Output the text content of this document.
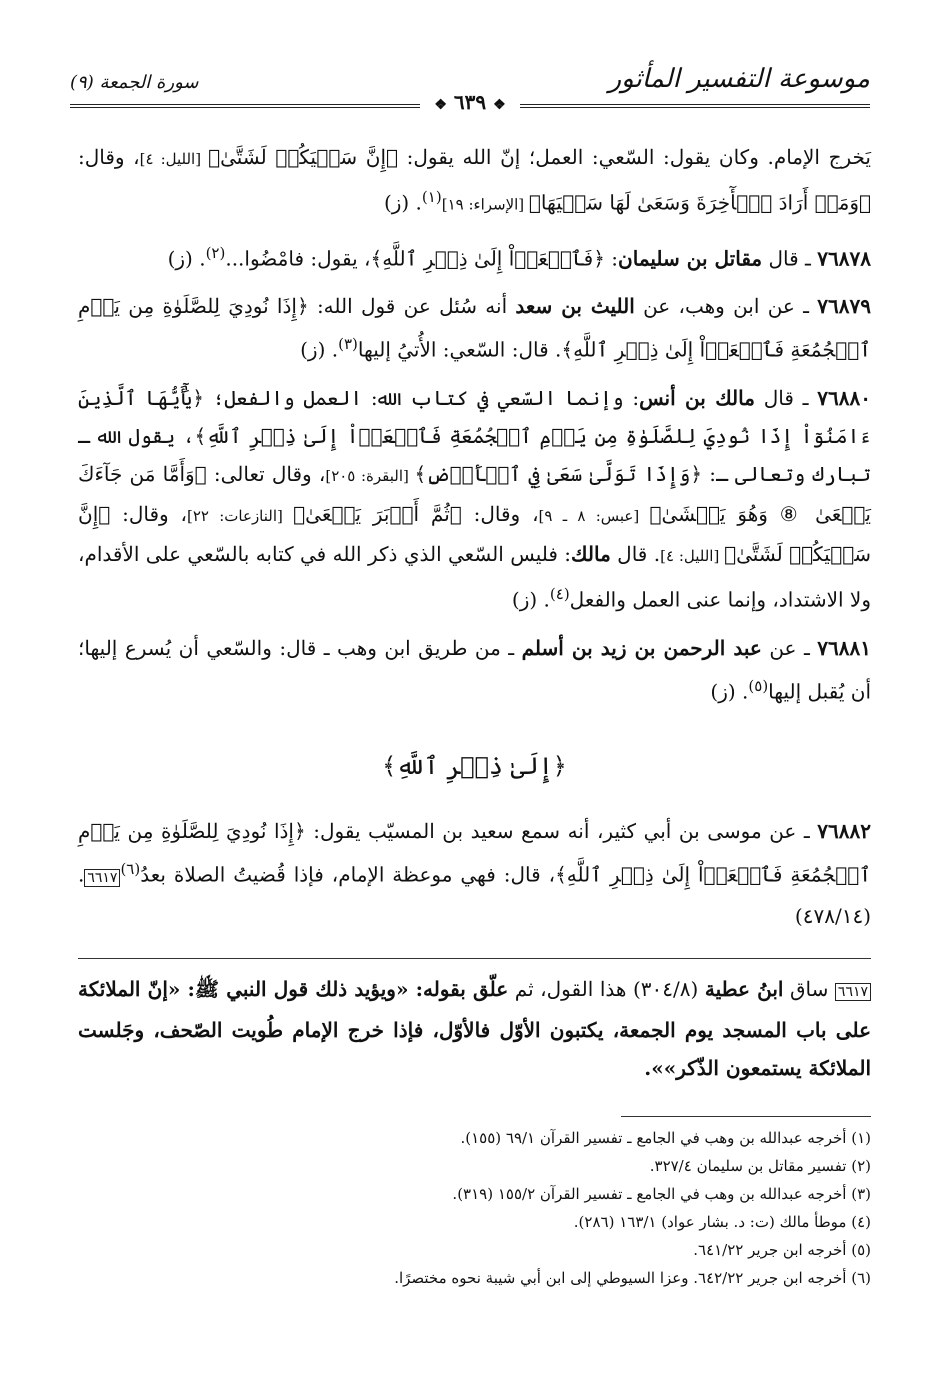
موسوعة التفسير المأثور
سورة الجمعة (٩)
❖ ٦٣٩ ❖

يَخرج الإمام. وكان يقول: السّعي: العمل؛ إنّ الله يقول: ﴿إِنَّ سَعۡيَكُمۡ لَشَتَّىٰ﴾ [الليل: ٤]، وقال: ﴿وَمَنۡ أَرَادَ ٱلۡأٓخِرَةَ وَسَعَىٰ لَهَا سَعۡيَهَا﴾ [الإسراء: ١٩]$^{(١)}$. (ز)

٧٦٨٧٨ ـ قال مقاتل بن سليمان: ﴿فَٱسۡعَوۡاْ إِلَىٰ ذِكۡرِ ٱللَّهِ﴾، يقول: فامْضُوا...$^{(٢)}$. (ز)

٧٦٨٧٩ ـ عن ابن وهب، عن الليث بن سعد أنه سُئل عن قول الله: ﴿إِذَا نُودِيَ لِلصَّلَوٰةِ مِن يَوۡمِ ٱلۡجُمُعَةِ فَٱسۡعَوۡاْ إِلَىٰ ذِكۡرِ ٱللَّهِ﴾. قال: السّعي: الأُتيُ إليها$^{(٣)}$. (ز)

٧٦٨٨٠ ـ قال مالك بن أنس: وإنما السّعي في كتاب الله: العمل والفعل؛ ﴿يَٰٓأَيُّهَا ٱلَّذِينَ ءَامَنُوٓاْ إِذَا نُودِيَ لِلصَّلَوٰةِ مِن يَوۡمِ ٱلۡجُمُعَةِ فَٱسۡعَوۡاْ إِلَىٰ ذِكۡرِ ٱللَّهِ﴾، يقول الله ـ تبارك وتعالى ـ: ﴿وَإِذَا تَوَلَّىٰ سَعَىٰ فِي ٱلۡأَرۡضِ﴾ [البقرة: ٢٠٥]، وقال تعالى: ﴿وَأَمَّا مَن جَآءَكَ يَسۡعَىٰ ⑧ وَهُوَ يَخۡشَىٰ﴾ [عبس: ٨ ـ ٩]، وقال: ﴿ثُمَّ أَدۡبَرَ يَسۡعَىٰ﴾ [النازعات: ٢٢]، وقال: ﴿إِنَّ سَعۡيَكُمۡ لَشَتَّىٰ﴾ [الليل: ٤]. قال مالك: فليس السّعي الذي ذكر الله في كتابه بالسّعي على الأقدام، ولا الاشتداد، وإنما عنى العمل والفعل$^{(٤)}$. (ز)

٧٦٨٨١ ـ عن عبد الرحمن بن زيد بن أسلم ـ من طريق ابن وهب ـ قال: والسّعي أن يُسرع إليها؛ أن يُقبل إليها$^{(٥)}$. (ز)

﴿إِلَىٰ ذِكۡرِ ٱللَّهِ﴾

٧٦٨٨٢ ـ عن موسى بن أبي كثير، أنه سمع سعيد بن المسيّب يقول: ﴿إِذَا نُودِيَ لِلصَّلَوٰةِ مِن يَوۡمِ ٱلۡجُمُعَةِ فَٱسۡعَوۡاْ إِلَىٰ ذِكۡرِ ٱللَّهِ﴾، قال: فهي موعظة الإمام، فإذا قُضيتُ الصلاة بعدُ$^{(٦)}$٦٦١٧. (٤٧٨/١٤)

٦٦١٧ ساق ابنُ عطية (٣٠٤/٨) هذا القول، ثم علّق بقوله: «ويؤيد ذلك قول النبي ﷺ: «إنّ الملائكة على باب المسجد يوم الجمعة، يكتبون الأوّل فالأوّل، فإذا خرج الإمام طُويت الصّحف، وجَلست الملائكة يستمعون الذّكر»».
(١) أخرجه عبدالله بن وهب في الجامع ـ تفسير القرآن ٦٩/١ (١٥٥).
(٢) تفسير مقاتل بن سليمان ٣٢٧/٤.
(٣) أخرجه عبدالله بن وهب في الجامع ـ تفسير القرآن ١٥٥/٢ (٣١٩).
(٤) موطأ مالك (ت: د. بشار عواد) ١٦٣/١ (٢٨٦).
(٥) أخرجه ابن جرير ٦٤١/٢٢.
(٦) أخرجه ابن جرير ٦٤٢/٢٢. وعزا السيوطي إلى ابن أبي شيبة نحوه مختصرًا.
